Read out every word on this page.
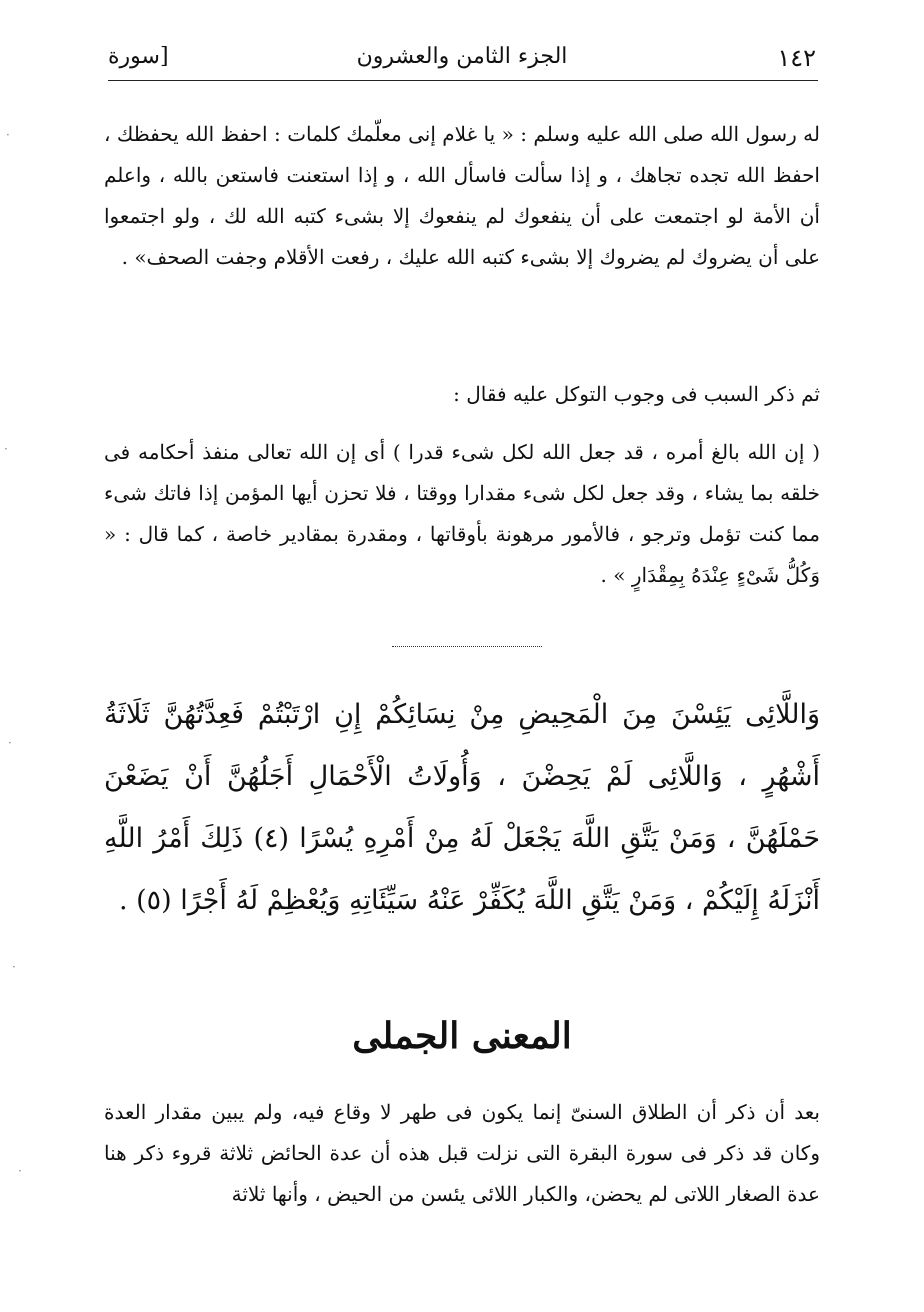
١٤٢
الجزء الثامن والعشرون
[سورة

له رسول الله صلى الله عليه وسلم : « يا غلام إنى معلّمك كلمات : احفظ الله يحفظك ، احفظ الله تجده تجاهك ، و إذا سألت فاسأل الله ، و إذا استعنت فاستعن بالله ، واعلم أن الأمة لو اجتمعت على أن ينفعوك لم ينفعوك إلا بشىء كتبه الله لك ، ولو اجتمعوا على أن يضروك لم يضروك إلا بشىء كتبه الله عليك ، رفعت الأقلام وجفت الصحف» .

ثم ذكر السبب فى وجوب التوكل عليه فقال :

( إن الله بالغ أمره ، قد جعل الله لكل شىء قدرا ) أى إن الله تعالى منفذ أحكامه فى خلقه بما يشاء ، وقد جعل لكل شىء مقدارا ووقتا ، فلا تحزن أيها المؤمن إذا فاتك شىء مما كنت تؤمل وترجو ، فالأمور مرهونة بأوقاتها ، ومقدرة بمقادير خاصة ، كما قال : « وَكُلُّ شَىْءٍ عِنْدَهُ بِمِقْدَارٍ » .

وَاللَّائِى يَئِسْنَ مِنَ الْمَحِيضِ مِنْ نِسَائِكُمْ إِنِ ارْتَبْتُمْ فَعِدَّتُهُنَّ ثَلَاثَةُ أَشْهُرٍ ، وَاللَّائِى لَمْ يَحِضْنَ ، وَأُولَاتُ الْأَحْمَالِ أَجَلُهُنَّ أَنْ يَضَعْنَ حَمْلَهُنَّ ، وَمَنْ يَتَّقِ اللَّهَ يَجْعَلْ لَهُ مِنْ أَمْرِهِ يُسْرًا (٤) ذَلِكَ أَمْرُ اللَّهِ أَنْزَلَهُ إِلَيْكُمْ ، وَمَنْ يَتَّقِ اللَّهَ يُكَفِّرْ عَنْهُ سَيِّئَاتِهِ وَيُعْظِمْ لَهُ أَجْرًا (٥) .

المعنى الجملى

بعد أن ذكر أن الطلاق السنىّ إنما يكون فى طهر لا وقاع فيه، ولم يبين مقدار العدة وكان قد ذكر فى سورة البقرة التى نزلت قبل هذه أن عدة الحائض ثلاثة قروء ذكر هنا عدة الصغار اللاتى لم يحضن، والكبار اللائى يئسن من الحيض ، وأنها ثلاثة

·
·
·
·
·
